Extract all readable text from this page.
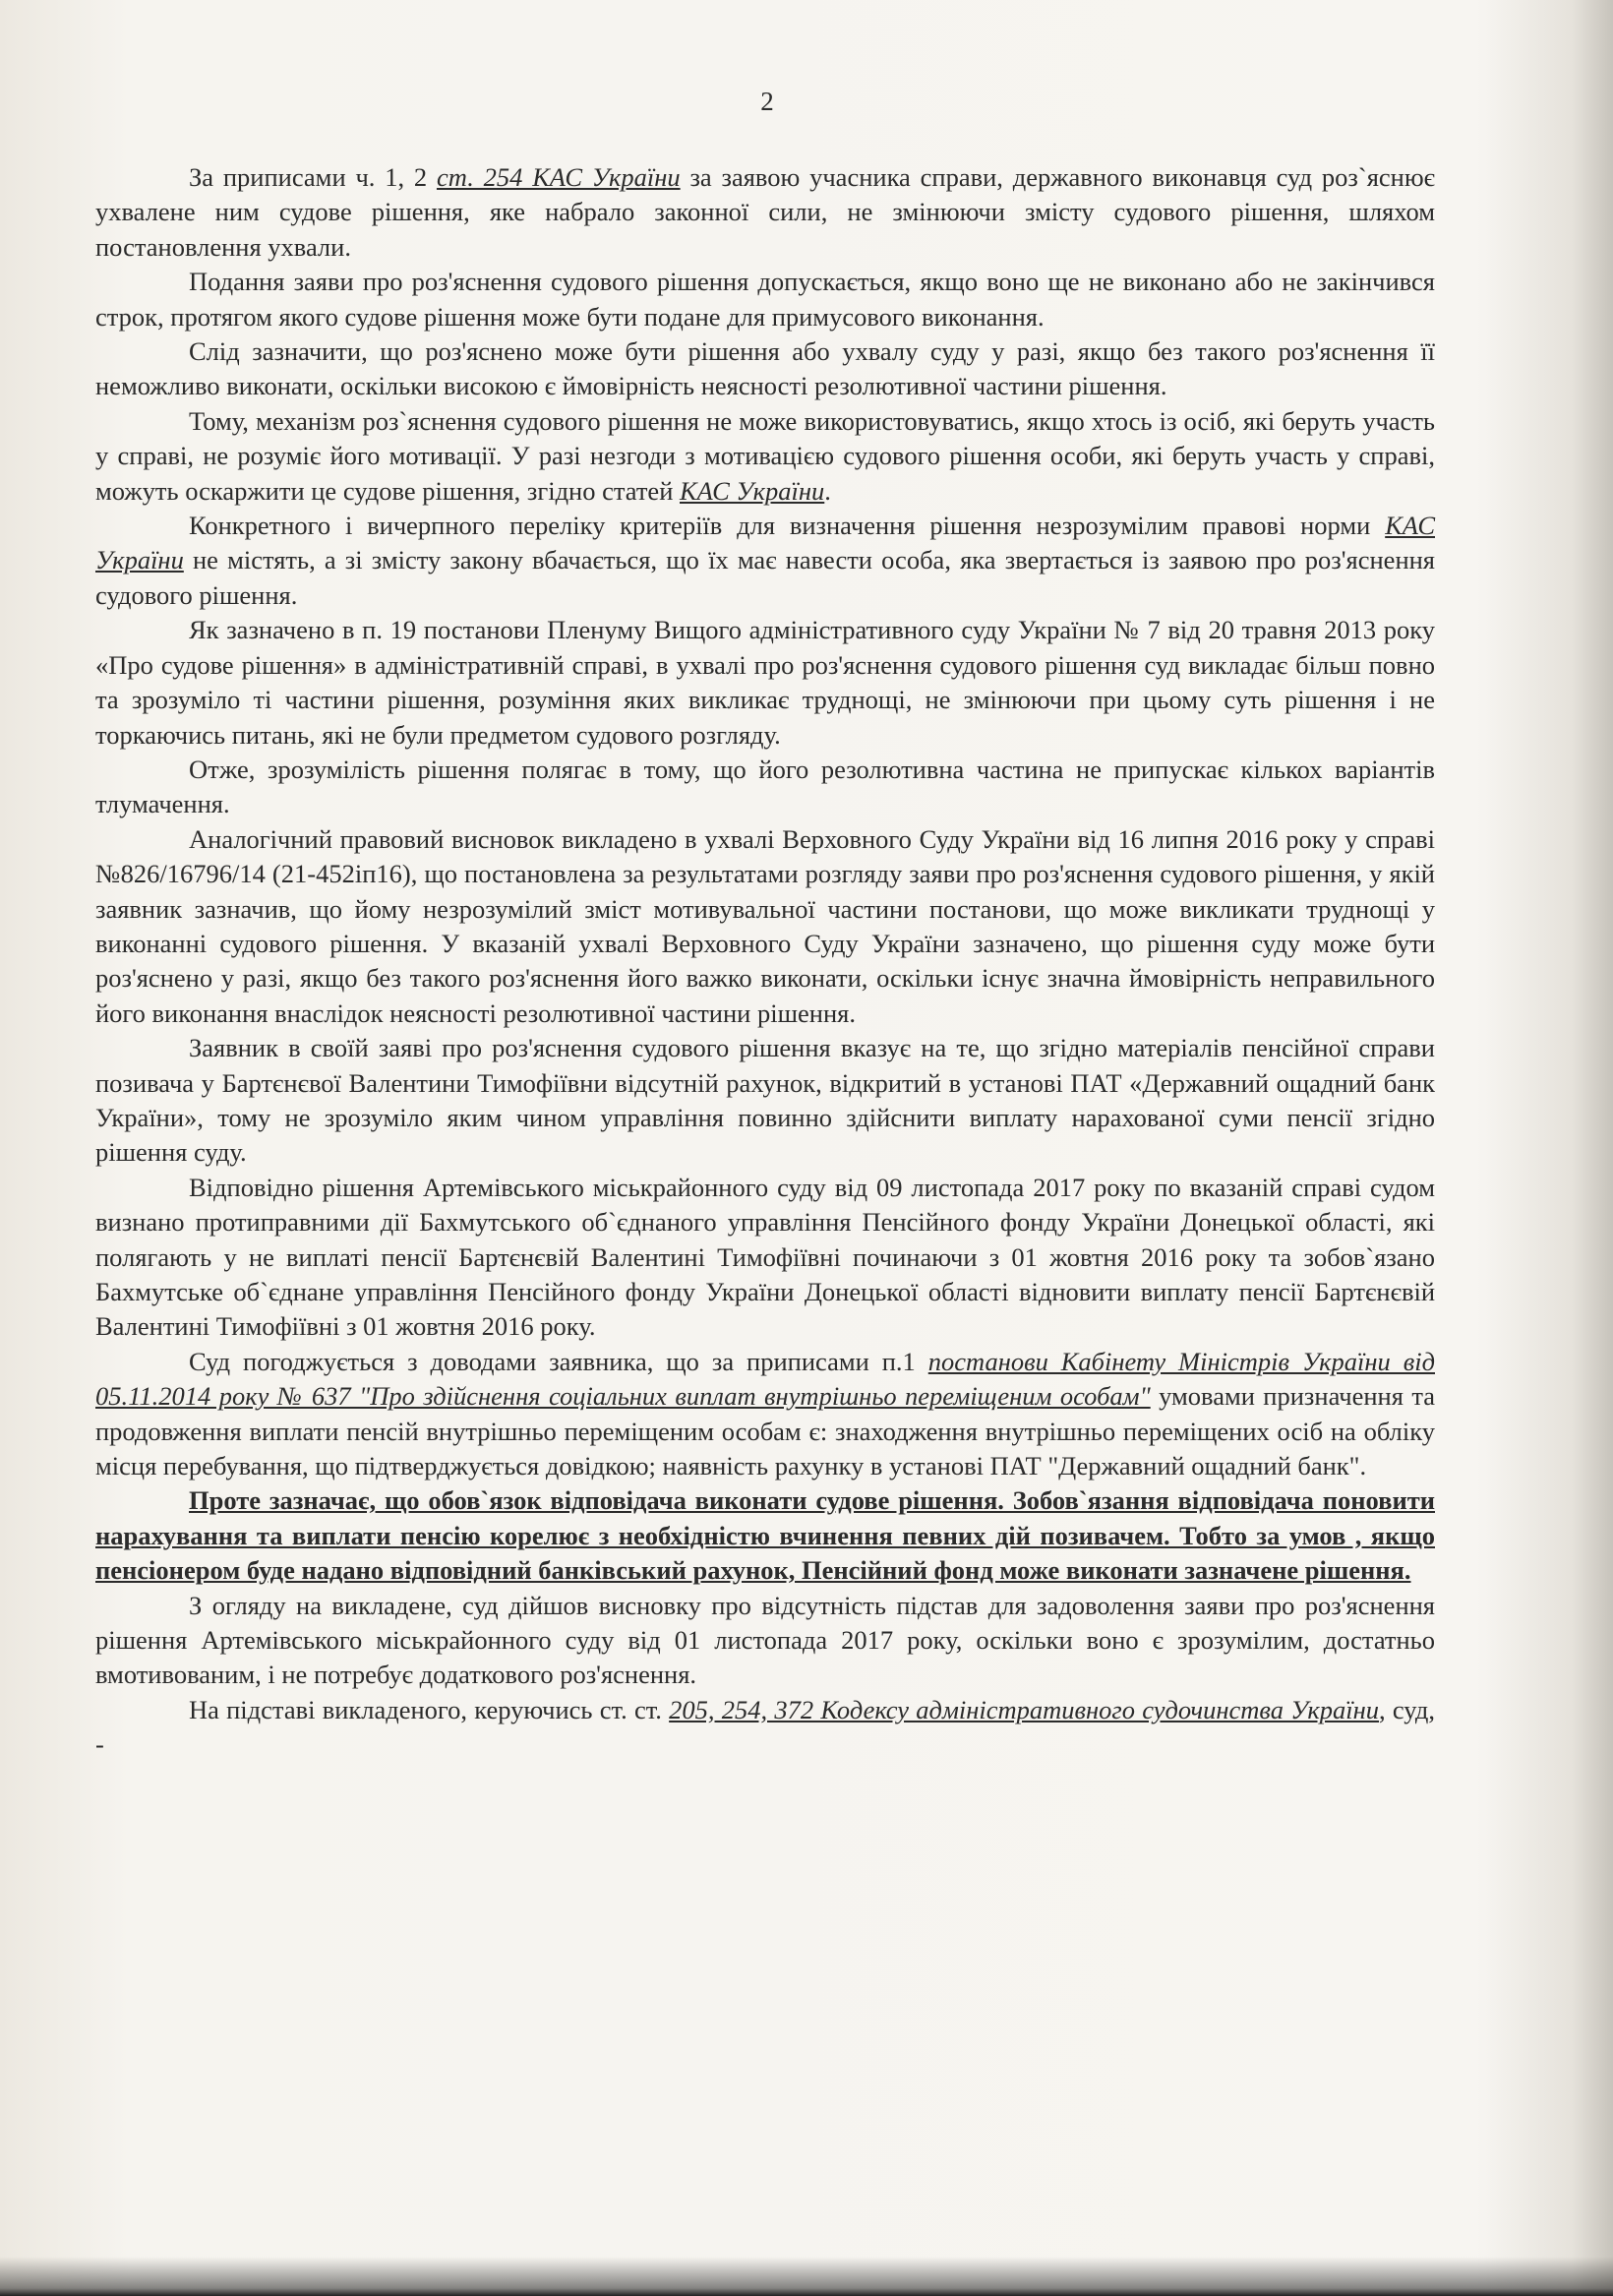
2

За приписами ч. 1, 2 ст. 254 КАС України за заявою учасника справи, державного виконавця суд роз`яснює ухвалене ним судове рішення, яке набрало законної сили, не змінюючи змісту судового рішення, шляхом постановлення ухвали.

Подання заяви про роз'яснення судового рішення допускається, якщо воно ще не виконано або не закінчився строк, протягом якого судове рішення може бути подане для примусового виконання.

Слід зазначити, що роз'яснено може бути рішення або ухвалу суду у разі, якщо без такого роз'яснення її неможливо виконати, оскільки високою є ймовірність неясності резолютивної частини рішення.

Тому, механізм роз`яснення судового рішення не може використовуватись, якщо хтось із осіб, які беруть участь у справі, не розуміє його мотивації. У разі незгоди з мотивацією судового рішення особи, які беруть участь у справі, можуть оскаржити це судове рішення, згідно статей КАС України.

Конкретного і вичерпного переліку критеріїв для визначення рішення незрозумілим правові норми КАС України не містять, а зі змісту закону вбачається, що їх має навести особа, яка звертається із заявою про роз'яснення судового рішення.

Як зазначено в п. 19 постанови Пленуму Вищого адміністративного суду України № 7 від 20 травня 2013 року «Про судове рішення» в адміністративній справі, в ухвалі про роз'яснення судового рішення суд викладає більш повно та зрозуміло ті частини рішення, розуміння яких викликає труднощі, не змінюючи при цьому суть рішення і не торкаючись питань, які не були предметом судового розгляду.

Отже, зрозумілість рішення полягає в тому, що його резолютивна частина не припускає кількох варіантів тлумачення.

Аналогічний правовий висновок викладено в ухвалі Верховного Суду України від 16 липня 2016 року у справі №826/16796/14 (21-452іп16), що постановлена за результатами розгляду заяви про роз'яснення судового рішення, у якій заявник зазначив, що йому незрозумілий зміст мотивувальної частини постанови, що може викликати труднощі у виконанні судового рішення. У вказаній ухвалі Верховного Суду України зазначено, що рішення суду може бути роз'яснено у разі, якщо без такого роз'яснення його важко виконати, оскільки існує значна ймовірність неправильного його виконання внаслідок неясності резолютивної частини рішення.

Заявник в своїй заяві про роз'яснення судового рішення вказує на те, що згідно матеріалів пенсійної справи позивача у Бартєнєвої Валентини Тимофіївни відсутній рахунок, відкритий в установі ПАТ «Державний ощадний банк України», тому не зрозуміло яким чином управління повинно здійснити виплату нарахованої суми пенсії згідно рішення суду.

Відповідно рішення Артемівського міськрайонного суду від 09 листопада 2017 року по вказаній справі судом визнано протиправними дії Бахмутського об`єднаного управління Пенсійного фонду України Донецької області, які полягають у не виплаті пенсії Бартєнєвій Валентині Тимофіївні починаючи з 01 жовтня 2016 року та зобов`язано Бахмутське об`єднане управління Пенсійного фонду України Донецької області відновити виплату пенсії Бартєнєвій Валентині Тимофіївні з 01 жовтня 2016 року.

Суд погоджується з доводами заявника, що за приписами п.1 постанови Кабінету Міністрів України від 05.11.2014 року № 637 "Про здійснення соціальних виплат внутрішньо переміщеним особам" умовами призначення та продовження виплати пенсій внутрішньо переміщеним особам є: знаходження внутрішньо переміщених осіб на обліку місця перебування, що підтверджується довідкою; наявність рахунку в установі ПАТ "Державний ощадний банк".

Проте зазначає, що обов`язок відповідача виконати судове рішення. Зобов`язання відповідача поновити нарахування та виплати пенсію корелює з необхідністю вчинення певних дій позивачем. Тобто за умов , якщо пенсіонером буде надано відповідний банківський рахунок, Пенсійний фонд може виконати зазначене рішення.

З огляду на викладене, суд дійшов висновку про відсутність підстав для задоволення заяви про роз'яснення рішення Артемівського міськрайонного суду від 01 листопада 2017 року, оскільки воно є зрозумілим, достатньо вмотивованим, і не потребує додаткового роз'яснення.

На підставі викладеного, керуючись ст. ст. 205, 254, 372 Кодексу адміністративного судочинства України, суд, -
